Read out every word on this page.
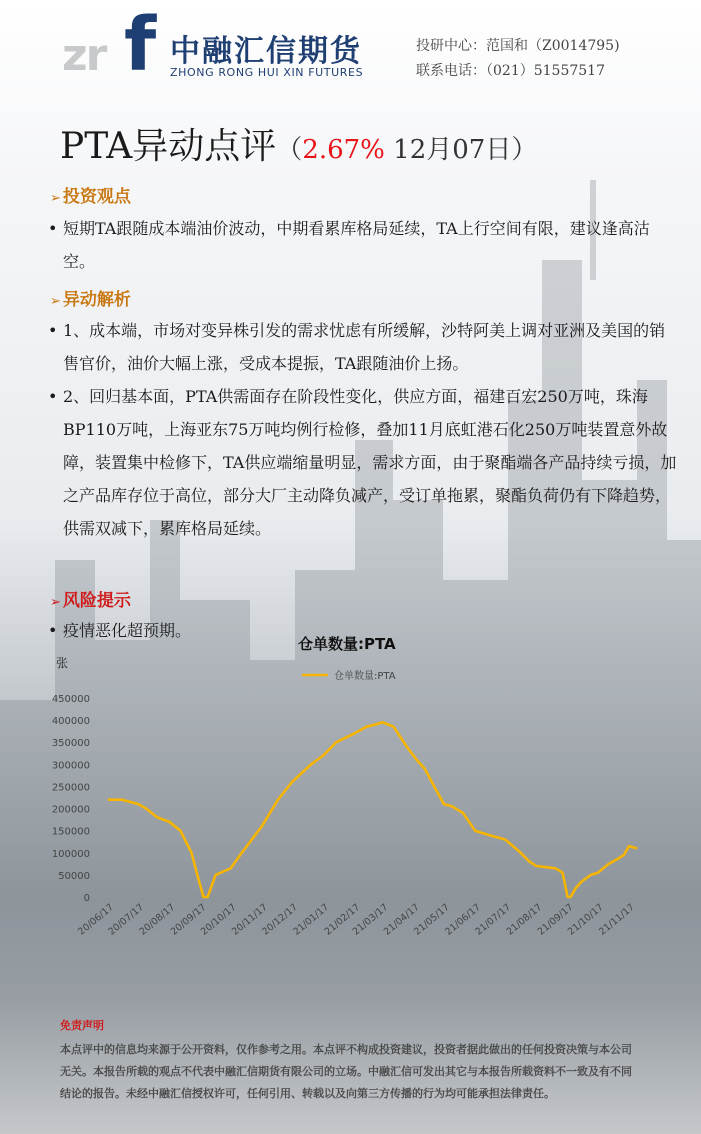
zr f 中融汇信期货
ZHONG RONG HUI XIN FUTURES
投研中心：范国和（Z0014795)
联系电话：（021）51557517
PTA异动点评（2.67% 12月07日）
➢ 投资观点
• 短期TA跟随成本端油价波动，中期看累库格局延续，TA上行空间有限，建议逢高沽空。
➢ 异动解析
• 1、成本端，市场对变异株引发的需求忧虑有所缓解，沙特阿美上调对亚洲及美国的销售官价，油价大幅上涨，受成本提振，TA跟随油价上扬。
• 2、回归基本面，PTA供需面存在阶段性变化，供应方面，福建百宏250万吨，珠海BP110万吨，上海亚东75万吨均例行检修，叠加11月底虹港石化250万吨装置意外故障，装置集中检修下，TA供应端缩量明显，需求方面，由于聚酯端各产品持续亏损，加之产品库存位于高位，部分大厂主动降负减产，受订单拖累，聚酯负荷仍有下降趋势，供需双减下，累库格局延续。
➢ 风险提示
• 疫情恶化超预期。
仓单数量:PTA
张
仓单数量:PTA
0
50000
100000
150000
200000
250000
300000
350000
400000
450000
20/06/17
20/07/17
20/08/17
20/09/17
20/10/17
20/11/17
20/12/17
21/01/17
21/02/17
21/03/17
21/04/17
21/05/17
21/06/17
21/07/17
21/08/17
21/09/17
21/10/17
21/11/17
免责声明
本点评中的信息均来源于公开资料，仅作参考之用。本点评不构成投资建议，投资者据此做出的任何投资决策与本公司无关。本报告所载的观点不代表中融汇信期货有限公司的立场。中融汇信可发出其它与本报告所载资料不一致及有不同结论的报告。未经中融汇信授权许可，任何引用、转载以及向第三方传播的行为均可能承担法律责任。
